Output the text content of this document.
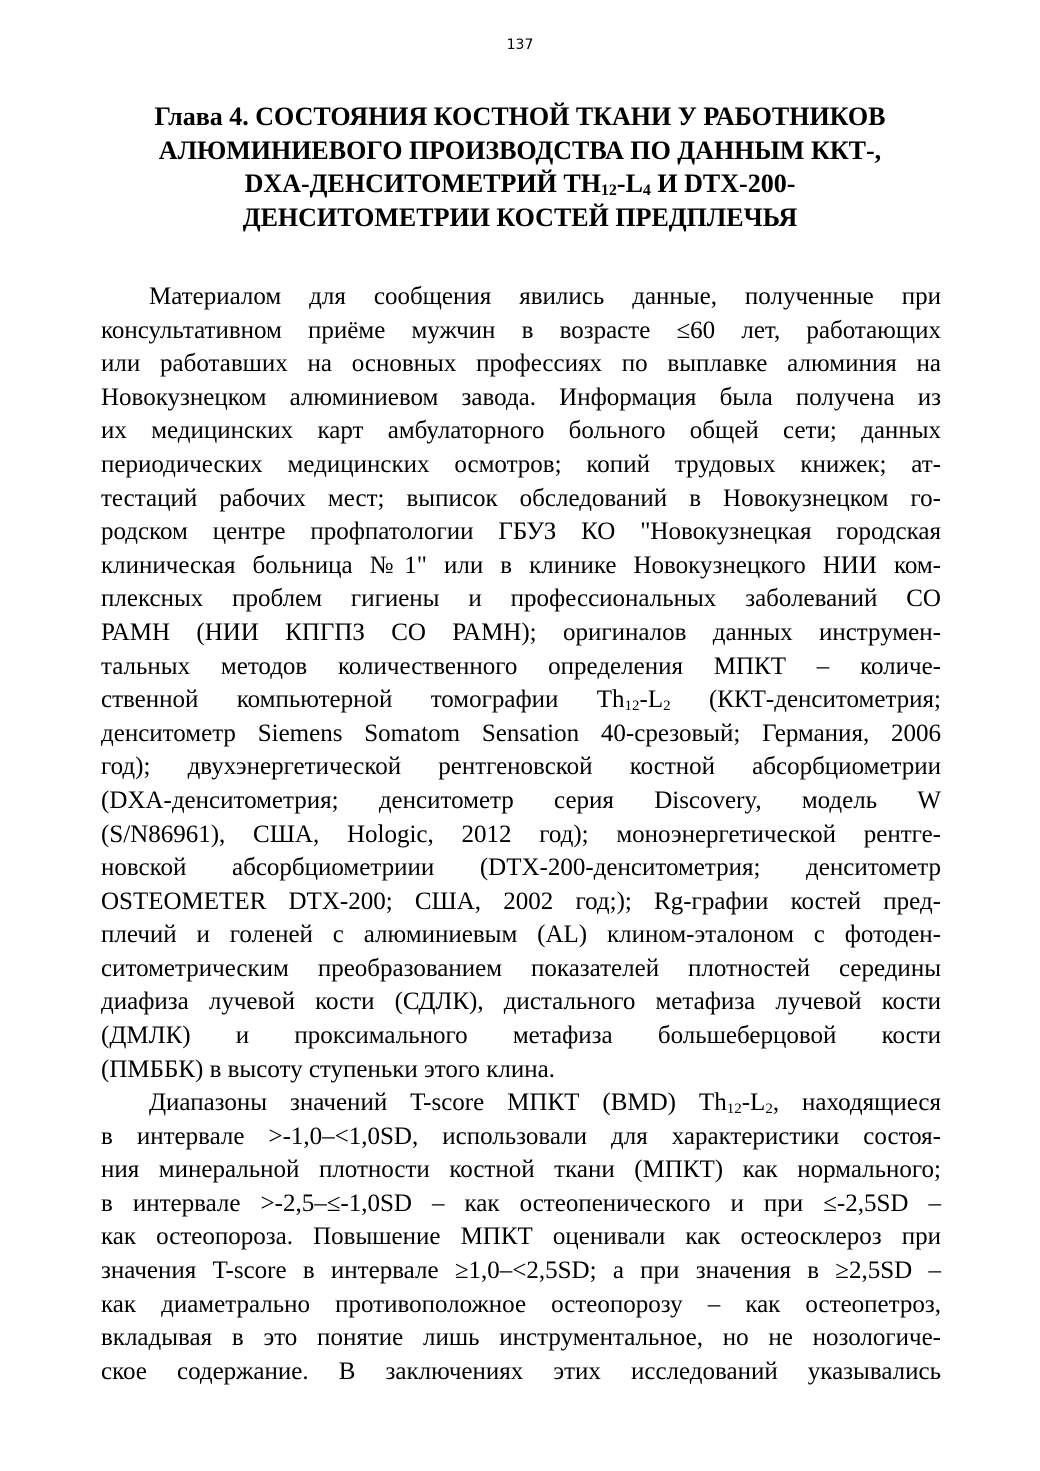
137
Глава 4. СОСТОЯНИЯ КОСТНОЙ ТКАНИ У РАБОТНИКОВ
АЛЮМИНИЕВОГО ПРОИЗВОДСТВА ПО ДАННЫМ ККТ-,
DXA-ДЕНСИТОМЕТРИЙ $TH_{12}-L_4$ И DTX-200-
ДЕНСИТОМЕТРИИ КОСТЕЙ ПРЕДПЛЕЧЬЯ
Материалом для сообщения явились данные, полученные при
консультативном приёме мужчин в возрасте ≤60 лет, работающих
или работавших на основных профессиях по выплавке алюминия на
Новокузнецком алюминиевом завода. Информация была получена из
их медицинских карт амбулаторного больного общей сети; данных
периодических медицинских осмотров; копий трудовых книжек; ат-
тестаций рабочих мест; выписок обследований в Новокузнецком го-
родском центре профпатологии ГБУЗ КО "Новокузнецкая городская
клиническая больница №1" или в клинике Новокузнецкого НИИ ком-
плексных проблем гигиены и профессиональных заболеваний СО
РАМН (НИИ КПГПЗ СО РАМН); оригиналов данных инструмен-
тальных методов количественного определения МПКТ – количе-
ственной компьютерной томографии $Th_{12}-L_2$ (ККТ-денситометрия;
денситометр Siemens Somatom Sensation 40-срезовый; Германия, 2006
год); двухэнергетической рентгеновской костной абсорбциометрии
(DXA-денситометрия; денситометр серия Discovery, модель W
(S/N86961), США, Hologic, 2012 год); моноэнергетической рентге-
новской абсорбциометриии (DTX-200-денситометрия; денситометр
OSTEOMETER DTX-200; США, 2002 год;); Rg-графии костей пред-
плечий и голеней с алюминиевым (AL) клином-эталоном с фотоден-
ситометрическим преобразованием показателей плотностей середины
диафиза лучевой кости (СДЛК), дистального метафиза лучевой кости
(ДМЛК) и проксимального метафиза большеберцовой кости
(ПМББК) в высоту ступеньки этого клина.
Диапазоны значений T-score МПКТ (BMD) $Th_{12}-L_2$, находящиеся
в интервале >-1,0–<1,0SD, использовали для характеристики состоя-
ния минеральной плотности костной ткани (МПКТ) как нормального;
в интервале >-2,5–≤-1,0SD – как остеопенического и при ≤-2,5SD –
как остеопороза. Повышение МПКТ оценивали как остеосклероз при
значения T-score в интервале ≥1,0–<2,5SD; а при значения в ≥2,5SD –
как диаметрально противоположное остеопорозу – как остеопетроз,
вкладывая в это понятие лишь инструментальное, но не нозологиче-
ское содержание. В заключениях этих исследований указывались
